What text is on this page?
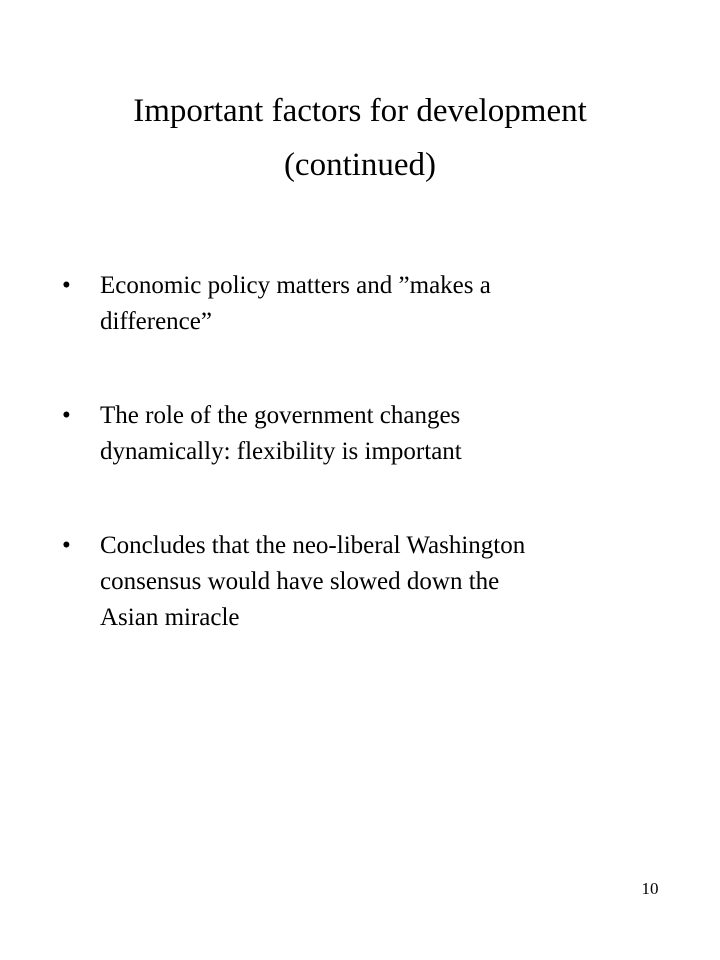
Important factors for development
(continued)
• Economic policy matters and ”makes a
difference”
• The role of the government changes
dynamically: flexibility is important
• Concludes that the neo-liberal Washington
consensus would have slowed down the
Asian miracle
10
